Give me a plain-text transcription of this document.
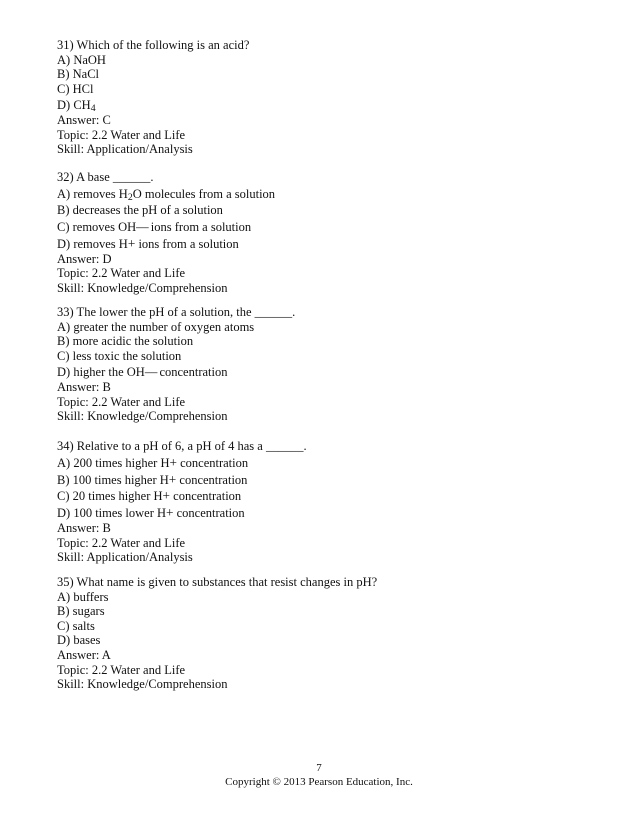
31) Which of the following is an acid?
A) NaOH
B) NaCl
C) HCl
D) CH4
Answer: C
Topic: 2.2 Water and Life
Skill: Application/Analysis
32) A base ______.
A) removes H2O molecules from a solution
B) decreases the pH of a solution
C) removes OH— ions from a solution
D) removes H+ ions from a solution
Answer: D
Topic: 2.2 Water and Life
Skill: Knowledge/Comprehension
33) The lower the pH of a solution, the ______.
A) greater the number of oxygen atoms
B) more acidic the solution
C) less toxic the solution
D) higher the OH— concentration
Answer: B
Topic: 2.2 Water and Life
Skill: Knowledge/Comprehension
34) Relative to a pH of 6, a pH of 4 has a ______.
A) 200 times higher H+ concentration
B) 100 times higher H+ concentration
C) 20 times higher H+ concentration
D) 100 times lower H+ concentration
Answer: B
Topic: 2.2 Water and Life
Skill: Application/Analysis
35) What name is given to substances that resist changes in pH?
A) buffers
B) sugars
C) salts
D) bases
Answer: A
Topic: 2.2 Water and Life
Skill: Knowledge/Comprehension
7
Copyright © 2013 Pearson Education, Inc.
